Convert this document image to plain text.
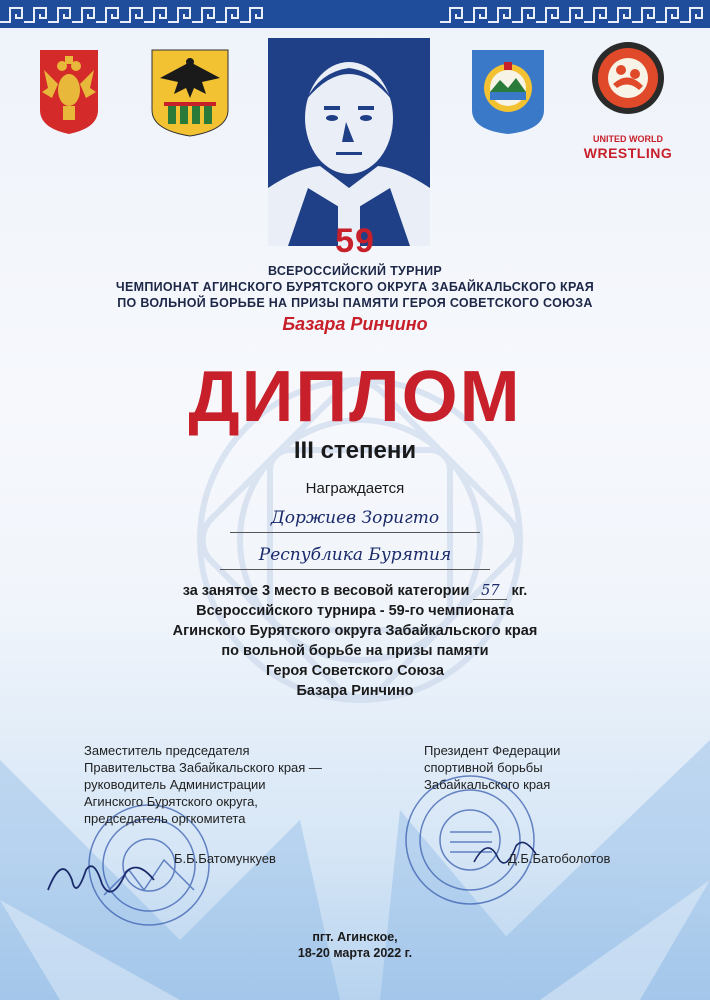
UNITED WORLD
WRESTLING
59
ВСЕРОССИЙСКИЙ ТУРНИР
ЧЕМПИОНАТ АГИНСКОГО БУРЯТСКОГО ОКРУГА ЗАБАЙКАЛЬСКОГО КРАЯ
ПО ВОЛЬНОЙ БОРЬБЕ НА ПРИЗЫ ПАМЯТИ ГЕРОЯ СОВЕТСКОГО СОЮЗА
Базара Ринчино
ДИПЛОМ
III степени
Награждается
Доржиев Зоригто
Республика Бурятия
за занятое 3 место в весовой категории 57 кг.
Всероссийского турнира - 59-го чемпионата
Агинского Бурятского округа Забайкальского края
по вольной борьбе на призы памяти
Героя Советского Союза
Базара Ринчино
Заместитель председателя
Правительства Забайкальского края —
руководитель Администрации
Агинского Бурятского округа,
председатель оргкомитета
Б.Б.Батомункуев
Президент Федерации
спортивной борьбы
Забайкальского края
Д.Б.Бaтоболотов
пгт. Агинское,
18-20 марта 2022 г.
